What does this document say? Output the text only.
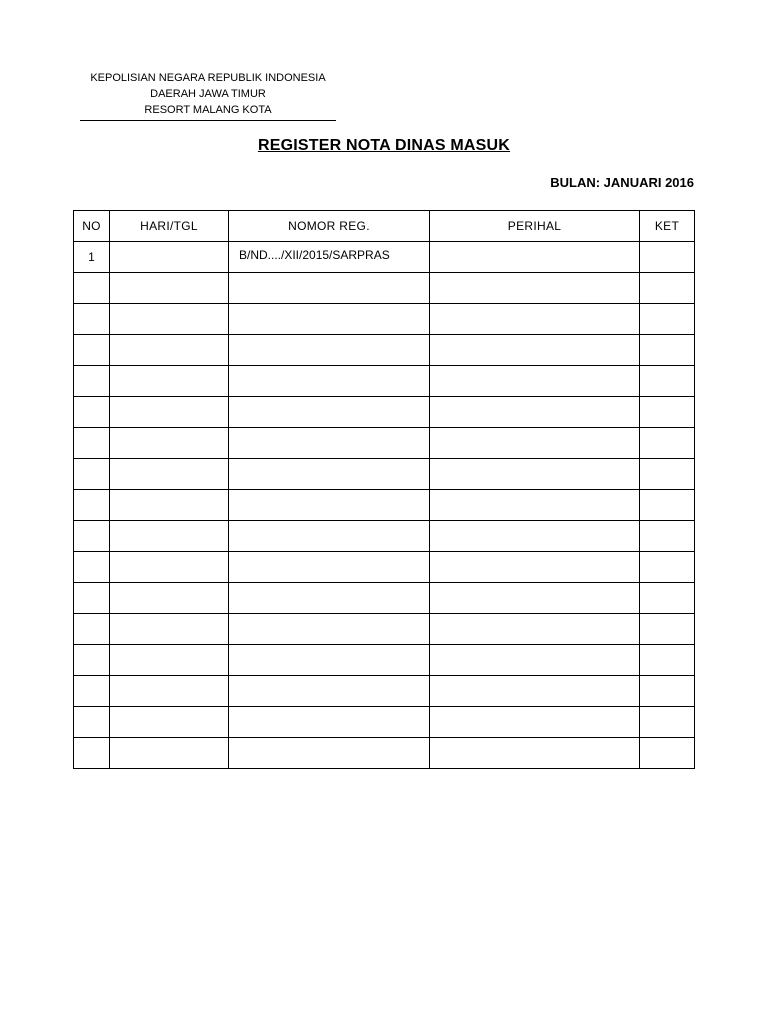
KEPOLISIAN NEGARA REPUBLIK INDONESIA
DAERAH JAWA TIMUR
RESORT MALANG KOTA
REGISTER NOTA DINAS MASUK
BULAN: JANUARI 2016
NO	HARI/TGL	NOMOR REG.	PERIHAL	KET
1		B/ND..../XII/2015/SARPRAS		
